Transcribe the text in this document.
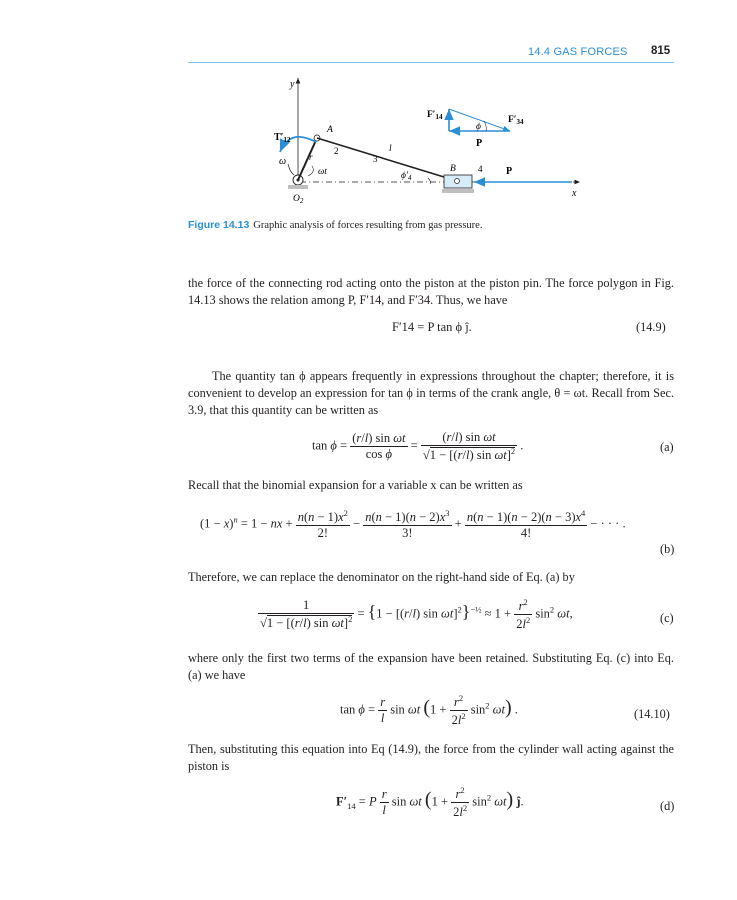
14.4 GAS FORCES 815
y
x
$O_2$
A
2
r
$T'_{12}$
ω
ωt
3
l
$\phi'_4$
B 4 P
$F'_{14}$	$F'_{34}$
ϕ
P
Figure 14.13 Graphic analysis of forces resulting from gas pressure.
the force of the connecting rod acting onto the piston at the piston pin. The force polygon in Fig. 14.13 shows the relation among P, F′14, and F′34. Thus, we have
F′14 = P tan ϕ ĵ.	(14.9)
The quantity tan ϕ appears frequently in expressions throughout the chapter; therefore, it is convenient to develop an expression for tan ϕ in terms of the crank angle, θ = ωt. Recall from Sec. 3.9, that this quantity can be written as
$\tan \phi = \frac{\text{(r/l) sin ωt}}{\text{cos ϕ}} = \frac{\text{(r/l) sin ωt}}{√1 - [(r/l) \sin \omega t]^2}$ .	(a)
Recall that the binomial expansion for a variable x can be written as
$(1 - x)^n = 1$ − nx + $\frac{n(n - 1)x^2}{2!} - \frac{n(n - 1)(n - 2)x^3}{3!} + \frac{n(n - 1)(n - 2)(n - 3)x^4}{4!}$ − · · · .
(b)
Therefore, we can replace the denominator on the right-hand side of Eq. (a) by
$\frac{1}{√1 - [(r/l) \sin \omega t]^2} = \{1 - [(r/l)$ $\sin \omega t]^2\}^{-\frac{1}{2}} \approx 1 + \frac{r^2}{2l^2} \sin^2 \omega t$,	(c)
where only the first two terms of the expansion have been retained. Substituting Eq. (c) into Eq. (a) we have
$\tan \phi = \frac{r}{l}$ sin ωt $(1 + \frac{r^2}{2l^2} \sin^2 \omega t)$ .	(14.10)
Then, substituting this equation into Eq (14.9), the force from the cylinder wall acting against the piston is
$F'_{14} = P \frac{r}{l}$ sin ωt $(1 + \frac{r^2}{2l^2} \sin^2 \omega t)$ ĵ.	(d)
